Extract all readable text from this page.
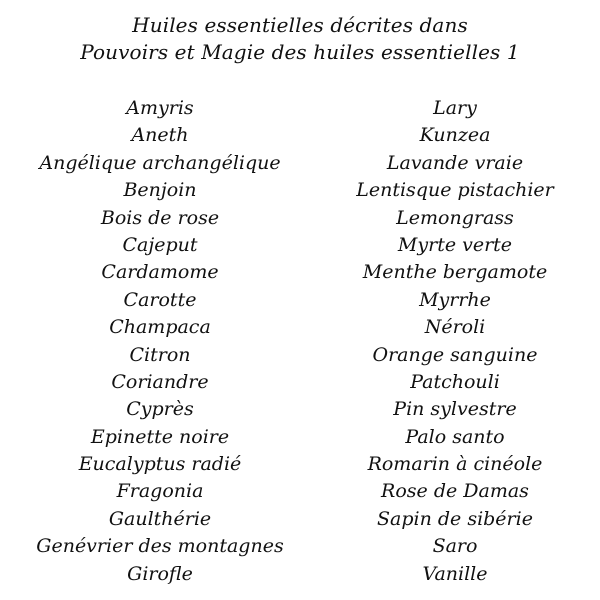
Huiles essentielles décrites dans
Pouvoirs et Magie des huiles essentielles 1
Amyris
Aneth
Angélique archangélique
Benjoin
Bois de rose
Cajeput
Cardamome
Carotte
Champaca
Citron
Coriandre
Cyprès
Epinette noire
Eucalyptus radié
Fragonia
Gaulthérie
Genévrier des montagnes
Girofle
Lary
Kunzea
Lavande vraie
Lentisque pistachier
Lemongrass
Myrte verte
Menthe bergamote
Myrrhe
Néroli
Orange sanguine
Patchouli
Pin sylvestre
Palo santo
Romarin à cinéole
Rose de Damas
Sapin de sibérie
Saro
Vanille
